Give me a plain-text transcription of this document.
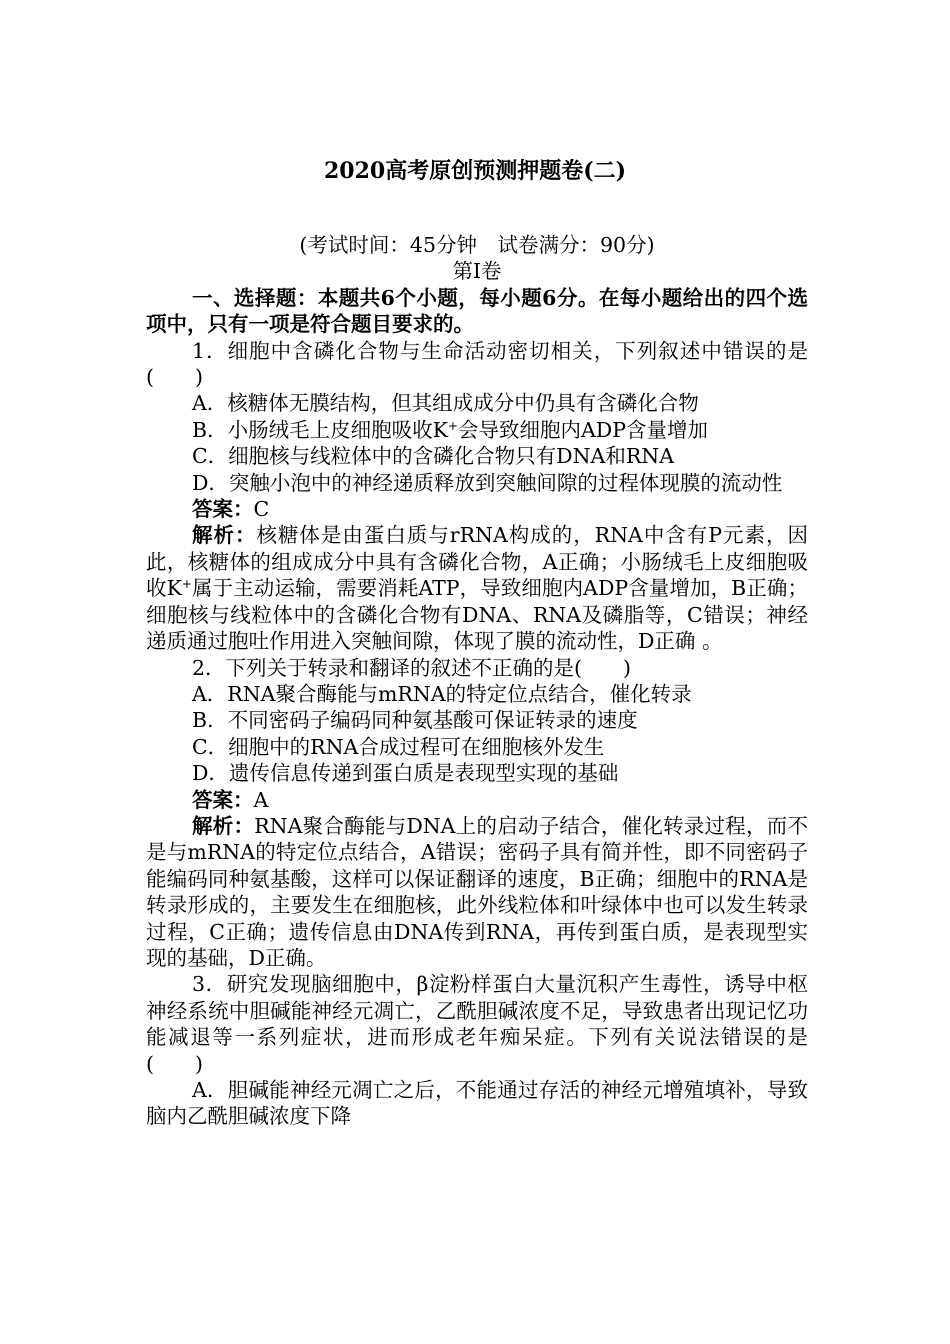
2020高考原创预测押题卷(二)

(考试时间：45分钟　试卷满分：90分)

第Ⅰ卷

一、选择题：本题共6个小题，每小题6分。在每小题给出的四个选项中，只有一项是符合题目要求的。

1．细胞中含磷化合物与生命活动密切相关，下列叙述中错误的是(　　)

A．核糖体无膜结构，但其组成成分中仍具有含磷化合物

B．小肠绒毛上皮细胞吸收K+会导致细胞内ADP含量增加

C．细胞核与线粒体中的含磷化合物只有DNA和RNA

D．突触小泡中的神经递质释放到突触间隙的过程体现膜的流动性

答案：C

解析：核糖体是由蛋白质与rRNA构成的，RNA中含有P元素，因此，核糖体的组成成分中具有含磷化合物，A正确；小肠绒毛上皮细胞吸收K+属于主动运输，需要消耗ATP，导致细胞内ADP含量增加，B正确；细胞核与线粒体中的含磷化合物有DNA、RNA及磷脂等，C错误；神经递质通过胞吐作用进入突触间隙，体现了膜的流动性，D正确 。

2．下列关于转录和翻译的叙述不正确的是(　　)

A．RNA聚合酶能与mRNA的特定位点结合，催化转录

B．不同密码子编码同种氨基酸可保证转录的速度

C．细胞中的RNA合成过程可在细胞核外发生

D．遗传信息传递到蛋白质是表现型实现的基础

答案：A

解析：RNA聚合酶能与DNA上的启动子结合，催化转录过程，而不是与mRNA的特定位点结合，A错误；密码子具有简并性，即不同密码子能编码同种氨基酸，这样可以保证翻译的速度，B正确；细胞中的RNA是转录形成的，主要发生在细胞核，此外线粒体和叶绿体中也可以发生转录过程，C正确；遗传信息由DNA传到RNA，再传到蛋白质，是表现型实现的基础，D正确。

3．研究发现脑细胞中，β淀粉样蛋白大量沉积产生毒性，诱导中枢神经系统中胆碱能神经元凋亡，乙酰胆碱浓度不足，导致患者出现记忆功能减退等一系列症状，进而形成老年痴呆症。下列有关说法错误的是(　　)

A．胆碱能神经元凋亡之后，不能通过存活的神经元增殖填补，导致脑内乙酰胆碱浓度下降
